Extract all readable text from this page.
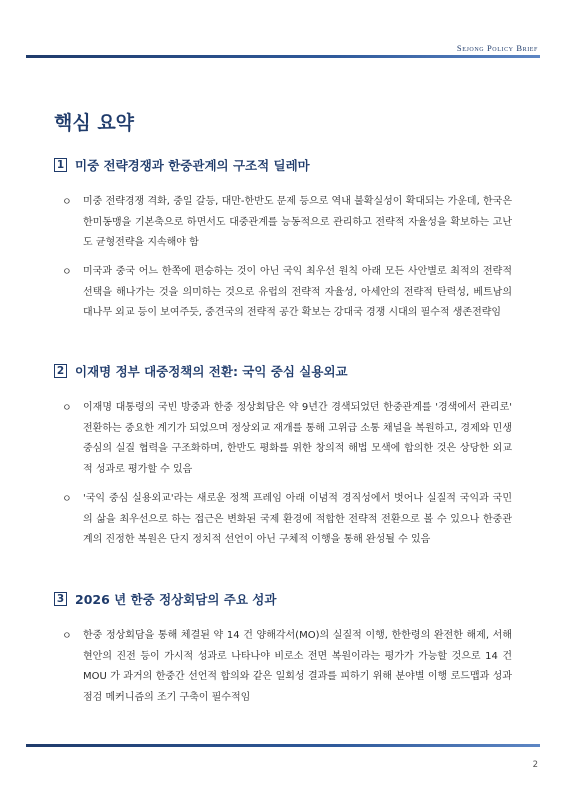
Sejong Policy Brief
핵심 요약
1 미중 전략경쟁과 한중관계의 구조적 딜레마
ㅇ 미중 전략경쟁 격화, 중일 갈등, 대만-한반도 문제 등으로 역내 불확실성이 확대되는 가운데, 한국은 한미동맹을 기본축으로 하면서도 대중관계를 능동적으로 관리하고 전략적 자율성을 확보하는 고난도 균형전략을 지속해야 함
ㅇ 미국과 중국 어느 한쪽에 편승하는 것이 아닌 국익 최우선 원칙 아래 모든 사안별로 최적의 전략적 선택을 해나가는 것을 의미하는 것으로 유럽의 전략적 자율성, 아세안의 전략적 탄력성, 베트남의 대나무 외교 등이 보여주듯, 중견국의 전략적 공간 확보는 강대국 경쟁 시대의 필수적 생존전략임
2 이재명 정부 대중정책의 전환: 국익 중심 실용외교
ㅇ 이재명 대통령의 국빈 방중과 한중 정상회담은 약 9년간 경색되었던 한중관계를 '경색에서 관리로' 전환하는 중요한 계기가 되었으며 정상외교 재개를 통해 고위급 소통 채널을 복원하고, 경제와 민생 중심의 실질 협력을 구조화하며, 한반도 평화를 위한 창의적 해법 모색에 합의한 것은 상당한 외교적 성과로 평가할 수 있음
ㅇ '국익 중심 실용외교'라는 새로운 정책 프레임 아래 이념적 경직성에서 벗어나 실질적 국익과 국민의 삶을 최우선으로 하는 접근은 변화된 국제 환경에 적합한 전략적 전환으로 볼 수 있으나 한중관계의 진정한 복원은 단지 정치적 선언이 아닌 구체적 이행을 통해 완성될 수 있음
3 2026 년 한중 정상회담의 주요 성과
ㅇ 한중 정상회담을 통해 체결된 약 14 건 양해각서(MO)의 실질적 이행, 한한령의 완전한 해제, 서해 현안의 진전 등이 가시적 성과로 나타나야 비로소 전면 복원이라는 평가가 가능할 것으로 14 건 MOU 가 과거의 한중간 선언적 합의와 같은 일회성 결과를 피하기 위해 분야별 이행 로드맵과 성과 점검 메커니즘의 조기 구축이 필수적임
2
